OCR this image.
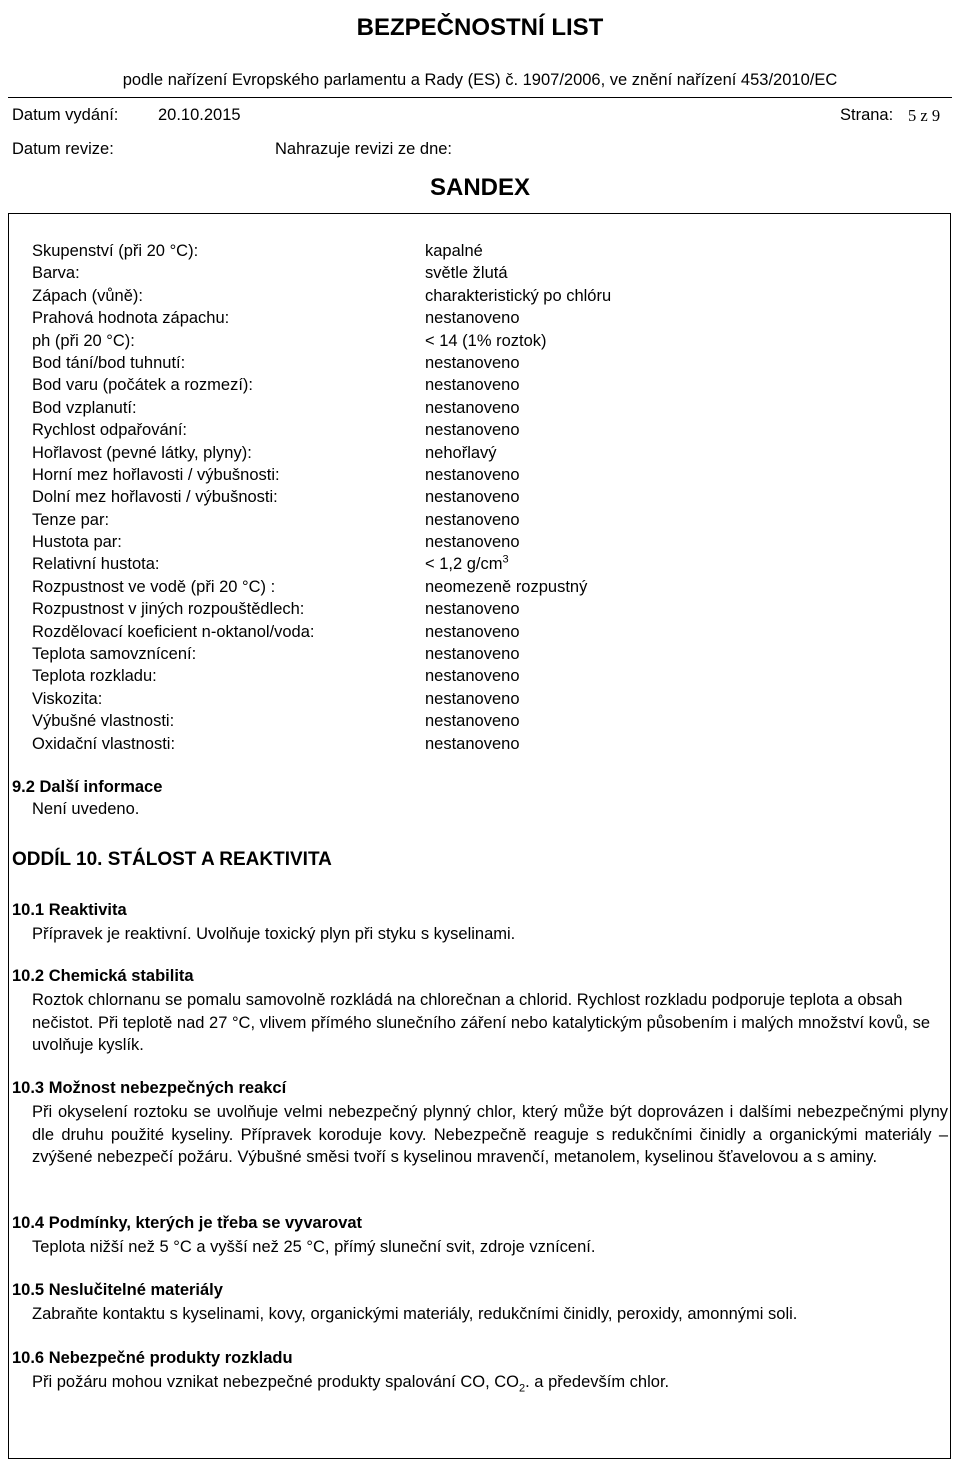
BEZPEČNOSTNÍ LIST
podle nařízení Evropského parlamentu a Rady (ES) č. 1907/2006, ve znění nařízení 453/2010/EC
Datum vydání: 20.10.2015	Strana: 5 z 9
Datum revize:	Nahrazuje revizi ze dne:
SANDEX
Skupenství (při 20 °C):	kapalné
Barva:	světle žlutá
Zápach (vůně):	charakteristický po chlóru
Prahová hodnota zápachu:	nestanoveno
ph (při 20 °C):	< 14 (1% roztok)
Bod tání/bod tuhnutí:	nestanoveno
Bod varu (počátek a rozmezí):	nestanoveno
Bod vzplanutí:	nestanoveno
Rychlost odpařování:	nestanoveno
Hořlavost (pevné látky, plyny):	nehořlavý
Horní mez hořlavosti / výbušnosti:	nestanoveno
Dolní mez hořlavosti / výbušnosti:	nestanoveno
Tenze par:	nestanoveno
Hustota par:	nestanoveno
Relativní hustota:	< 1,2 $g/cm^3$
Rozpustnost ve vodě (při 20 °C) :	neomezeně rozpustný
Rozpustnost v jiných rozpouštědlech:	nestanoveno
Rozdělovací koeficient n-oktanol/voda:	nestanoveno
Teplota samovznícení:	nestanoveno
Teplota rozkladu:	nestanoveno
Viskozita:	nestanoveno
Výbušné vlastnosti:	nestanoveno
Oxidační vlastnosti:	nestanoveno
9.2 Další informace
Není uvedeno.
ODDÍL 10. STÁLOST A REAKTIVITA
10.1 Reaktivita
Přípravek je reaktivní. Uvolňuje toxický plyn při styku s kyselinami.
10.2 Chemická stabilita
Roztok chlornanu se pomalu samovolně rozkládá na chlorečnan a chlorid. Rychlost rozkladu podporuje teplota a obsah nečistot. Při teplotě nad 27 °C, vlivem přímého slunečního záření nebo katalytickým působením i malých množství kovů, se uvolňuje kyslík.
10.3 Možnost nebezpečných reakcí
Při okyselení roztoku se uvolňuje velmi nebezpečný plynný chlor, který může být doprovázen i dalšími nebezpečnými plyny dle druhu použité kyseliny. Přípravek koroduje kovy. Nebezpečně reaguje s redukčními činidly a organickými materiály – zvýšené nebezpečí požáru. Výbušné směsi tvoří s kyselinou mravenčí, metanolem, kyselinou šťavelovou a s aminy.
10.4 Podmínky, kterých je třeba se vyvarovat
Teplota nižší než 5 °C a vyšší než 25 °C, přímý sluneční svit, zdroje vznícení.
10.5 Neslučitelné materiály
Zabraňte kontaktu s kyselinami, kovy, organickými materiály, redukčními činidly, peroxidy, amonnými soli.
10.6 Nebezpečné produkty rozkladu
Při požáru mohou vznikat nebezpečné produkty spalování CO, $CO_2$. a především chlor.
